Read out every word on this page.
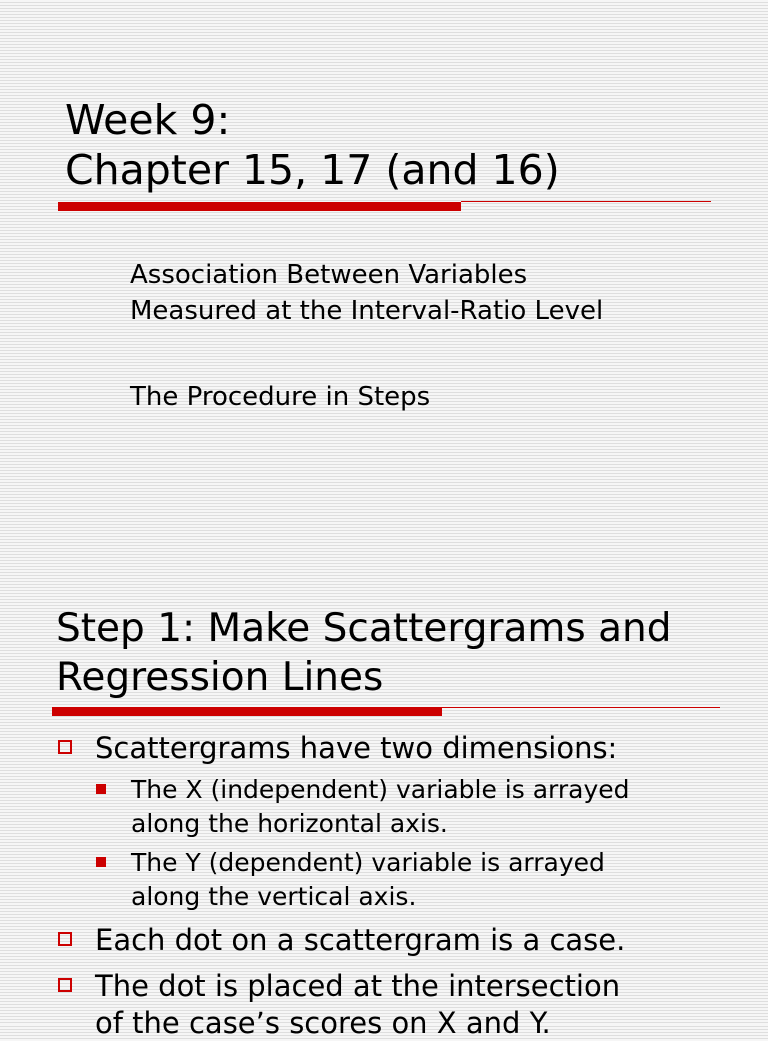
Week 9:
Chapter 15, 17 (and 16)

Association Between Variables
Measured at the Interval-Ratio Level

The Procedure in Steps

Step 1: Make Scattergrams and
Regression Lines
Scattergrams have two dimensions:
The X (independent) variable is arrayed
along the horizontal axis.
The Y (dependent) variable is arrayed
along the vertical axis.
Each dot on a scattergram is a case.
The dot is placed at the intersection
of the case’s scores on X and Y.
